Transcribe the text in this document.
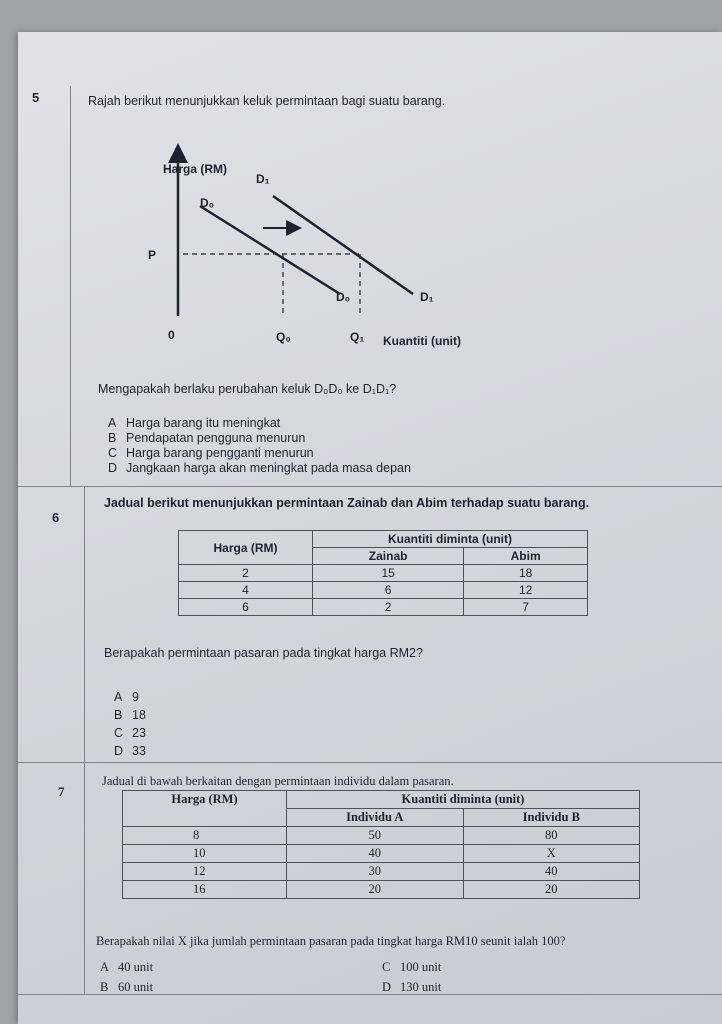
5	Rajah berikut menunjukkan keluk permintaan bagi suatu barang.
Harga (RM)
D₁
D₀
P
D₀	D₁
0	Q₀	Q₁ Kuantiti (unit)
Mengapakah berlaku perubahan keluk D₀D₀ ke D₁D₁?
A Harga barang itu meningkat
B Pendapatan pengguna menurun
C Harga barang pengganti menurun
D Jangkaan harga akan meningkat pada masa depan
6
Jadual berikut menunjukkan permintaan Zainab dan Abim terhadap suatu barang.
Harga (RM)	Kuantiti diminta (unit)	
	Zainab	Abim
2	15	18
4	6	12
6	2	7
Berapakah permintaan pasaran pada tingkat harga RM2?
A 9
B 18
C 23
D 33
7
Jadual di bawah berkaitan dengan permintaan individu dalam pasaran.
Harga (RM)	Kuantiti diminta (unit)	
	Individu A	Individu B
8	50	80
10	40	X
12	30	40
16	20	20
Berapakah nilai X jika jumlah permintaan pasaran pada tingkat harga RM10 seunit ialah 100?
A 40 unit
B 60 unit
C 100 unit
D 130 unit
